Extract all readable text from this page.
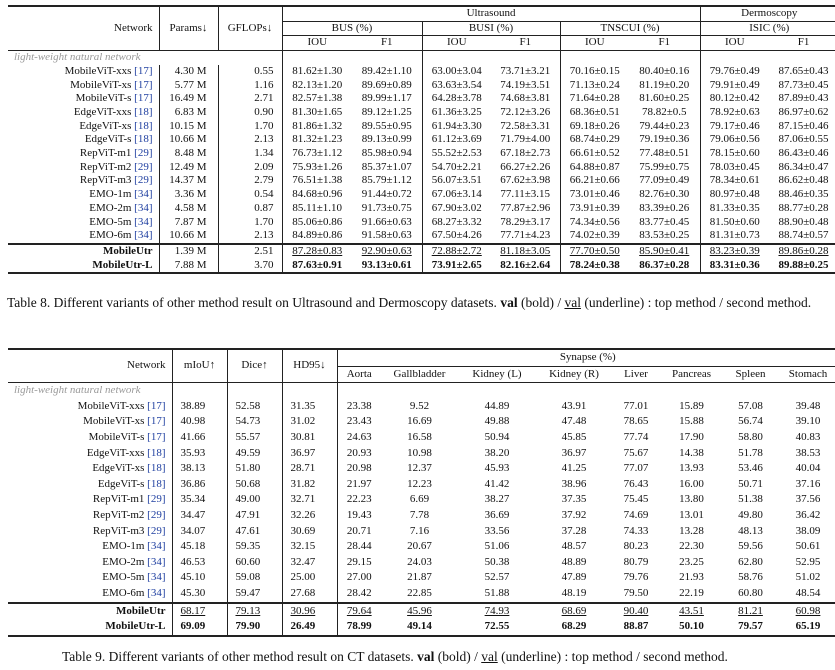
Network	Params↓	GFLOPs↓	Ultrasound						Dermoscopy	
			BUS (%)		BUSI (%)		TNSCUI (%)		ISIC (%)	
			IOU	F1	IOU	F1	IOU	F1	IOU	F1
light-weight natural network										
MobileViT-xxs [17]	4.30 M	0.55	81.62±1.30	89.42±1.10	63.00±3.04	73.71±3.21	70.16±0.15	80.40±0.16	79.76±0.49	87.65±0.43
MobileViT-xs [17]	5.77 M	1.16	82.13±1.20	89.69±0.89	63.63±3.54	74.19±3.51	71.13±0.24	81.19±0.20	79.91±0.49	87.73±0.45
MobileViT-s [17]	16.49 M	2.71	82.57±1.38	89.99±1.17	64.28±3.78	74.68±3.81	71.64±0.28	81.60±0.25	80.12±0.42	87.89±0.43
EdgeViT-xxs [18]	6.83 M	0.90	81.30±1.65	89.12±1.25	61.36±3.25	72.12±3.26	68.36±0.51	78.82±0.5	78.92±0.63	86.97±0.62
EdgeViT-xs [18]	10.15 M	1.70	81.86±1.32	89.55±0.95	61.94±3.30	72.58±3.31	69.18±0.26	79.44±0.23	79.17±0.46	87.15±0.46
EdgeViT-s [18]	10.66 M	2.13	81.32±1.23	89.13±0.99	61.12±3.69	71.79±4.00	68.74±0.29	79.19±0.36	79.06±0.56	87.06±0.55
RepViT-m1 [29]	8.48 M	1.34	76.73±1.12	85.98±0.94	55.52±2.53	67.18±2.73	66.61±0.52	77.48±0.51	78.15±0.60	86.43±0.46
RepViT-m2 [29]	12.49 M	2.09	75.93±1.26	85.37±1.07	54.70±2.21	66.27±2.26	64.88±0.87	75.99±0.75	78.03±0.45	86.34±0.47
RepViT-m3 [29]	14.37 M	2.79	76.51±1.38	85.79±1.12	56.07±3.51	67.62±3.98	66.21±0.66	77.09±0.49	78.34±0.61	86.62±0.48
EMO-1m [34]	3.36 M	0.54	84.68±0.96	91.44±0.72	67.06±3.14	77.11±3.15	73.01±0.46	82.76±0.30	80.97±0.48	88.46±0.35
EMO-2m [34]	4.58 M	0.87	85.11±1.10	91.73±0.75	67.90±3.02	77.87±2.96	73.91±0.39	83.39±0.26	81.33±0.35	88.77±0.28
EMO-5m [34]	7.87 M	1.70	85.06±0.86	91.66±0.63	68.27±3.32	78.29±3.17	74.34±0.56	83.77±0.45	81.50±0.60	88.90±0.48
EMO-6m [34]	10.66 M	2.13	84.89±0.86	91.58±0.63	67.50±4.26	77.71±4.23	74.02±0.39	83.53±0.25	81.31±0.73	88.74±0.57
MobileUtr	1.39 M	2.51	87.28±0.83	92.90±0.63	72.88±2.72	81.18±3.05	77.70±0.50	85.90±0.41	83.23±0.39	89.86±0.28
MobileUtr-L	7.88 M	3.70	87.63±0.91	93.13±0.61	73.91±2.65	82.16±2.64	78.24±0.38	86.37±0.28	83.31±0.36	89.88±0.25
Table 8. Different variants of other method result on Ultrasound and Dermoscopy datasets. val (bold) / val (underline) : top method / second method.
Network	mIoU↑	Dice↑	HD95↓	Synapse (%)							
				Aorta	Gallbladder	Kidney (L)	Kidney (R)	Liver	Pancreas	Spleen	Stomach
light-weight natural network											
MobileViT-xxs [17]	38.89	52.58	31.35	23.38	9.52	44.89	43.91	77.01	15.89	57.08	39.48
MobileViT-xs [17]	40.98	54.73	31.02	23.43	16.69	49.88	47.48	78.65	15.88	56.74	39.10
MobileViT-s [17]	41.66	55.57	30.81	24.63	16.58	50.94	45.85	77.74	17.90	58.80	40.83
EdgeViT-xxs [18]	35.93	49.59	36.97	20.93	10.98	38.20	36.97	75.67	14.38	51.78	38.53
EdgeViT-xs [18]	38.13	51.80	28.71	20.98	12.37	45.93	41.25	77.07	13.93	53.46	40.04
EdgeViT-s [18]	36.86	50.68	31.82	21.97	12.23	41.42	38.96	76.43	16.00	50.71	37.16
RepViT-m1 [29]	35.34	49.00	32.71	22.23	6.69	38.27	37.35	75.45	13.80	51.38	37.56
RepViT-m2 [29]	34.47	47.91	32.26	19.43	7.78	36.69	37.92	74.69	13.01	49.80	36.42
RepViT-m3 [29]	34.07	47.61	30.69	20.71	7.16	33.56	37.28	74.33	13.28	48.13	38.09
EMO-1m [34]	45.18	59.35	32.15	28.44	20.67	51.06	48.57	80.23	22.30	59.56	50.61
EMO-2m [34]	46.53	60.60	32.47	29.15	24.03	50.38	48.89	80.79	23.25	62.80	52.95
EMO-5m [34]	45.10	59.08	25.00	27.00	21.87	52.57	47.89	79.76	21.93	58.76	51.02
EMO-6m [34]	45.30	59.47	27.68	28.42	22.85	51.88	48.19	79.50	22.19	60.80	48.54
MobileUtr	68.17	79.13	30.96	79.64	45.96	74.93	68.69	90.40	43.51	81.21	60.98
MobileUtr-L	69.09	79.90	26.49	78.99	49.14	72.55	68.29	88.87	50.10	79.57	65.19
Table 9. Different variants of other method result on CT datasets. val (bold) / val (underline) : top method / second method.
